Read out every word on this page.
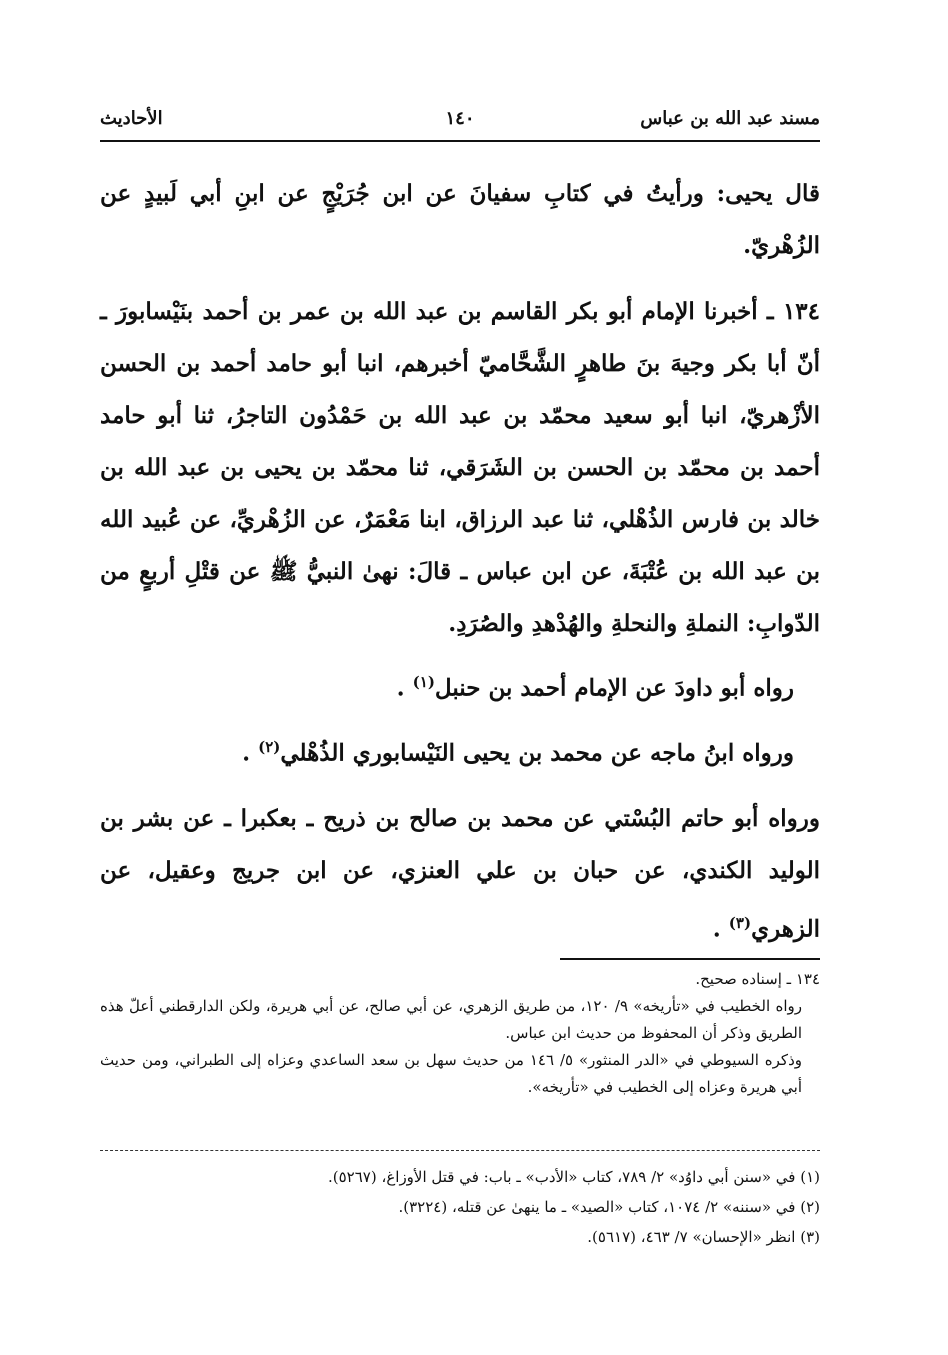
مسند عبد الله بن عباس
١٤٠
الأحاديث

قال يحيى: ورأيتُ في كتابِ سفيانَ عن ابن جُرَيْجٍ عن ابنِ أبي لَبيدٍ عن الزُهْريّ.

١٣٤ ـ أخبرنا الإمام أبو بكر القاسم بن عبد الله بن عمر بن أحمد بنَيْسابورَ ـ أنّ أبا بكر وجيهَ بنَ طاهرٍ الشَّحَّاميّ أخبرهم، انبا أبو حامد أحمد بن الحسن الأزْهريّ، انبا أبو سعيد محمّد بن عبد الله بن حَمْدُون التاجرُ، ثنا أبو حامد أحمد بن محمّد بن الحسن بن الشَرَقي، ثنا محمّد بن يحيى بن عبد الله بن خالد بن فارس الذُهْلي، ثنا عبد الرزاق، ابنا مَعْمَرٌ، عن الزُهْريِّ، عن عُبيد الله بن عبد الله بن عُتْبَةَ، عن ابن عباس ـ قالَ: نهىٰ النبيُّ ﷺ عن قتْلِ أربعٍ من الدّوابِ: النملةِ والنحلةِ والهُدْهدِ والصُرَدِ.

رواه أبو داودَ عن الإمام أحمد بن حنبل$^{(١)}$ .

ورواه ابنُ ماجه عن محمد بن يحيى النَيْسابوري الذُهْلي$^{(٢)}$ .

ورواه أبو حاتم البُسْتي عن محمد بن صالح بن ذريح ـ بعكبرا ـ عن بشر بن الوليد الكندي، عن حبان بن علي العنزي، عن ابن جريج وعقيل، عن الزهري$^{(٣)}$ .

١٣٤ ـ إسناده صحيح.

رواه الخطيب في «تأريخه» ٩/ ١٢٠، من طريق الزهري، عن أبي صالح، عن أبي هريرة، ولكن الدارقطني أعلّ هذه الطريق وذكر أن المحفوظ من حديث ابن عباس.

وذكره السيوطي في «الدر المنثور» ٥/ ١٤٦ من حديث سهل بن سعد الساعدي وعزاه إلى الطبراني، ومن حديث أبي هريرة وعزاه إلى الخطيب في «تأريخه».

(١) في «سنن أبي داوُد» ٢/ ٧٨٩، كتاب «الأدب» ـ باب: في قتل الأوزاغ، (٥٢٦٧).

(٢) في «سننه» ٢/ ١٠٧٤، كتاب «الصيد» ـ ما ينهىٰ عن قتله، (٣٢٢٤).

(٣) انظر «الإحسان» ٧/ ٤٦٣، (٥٦١٧).
